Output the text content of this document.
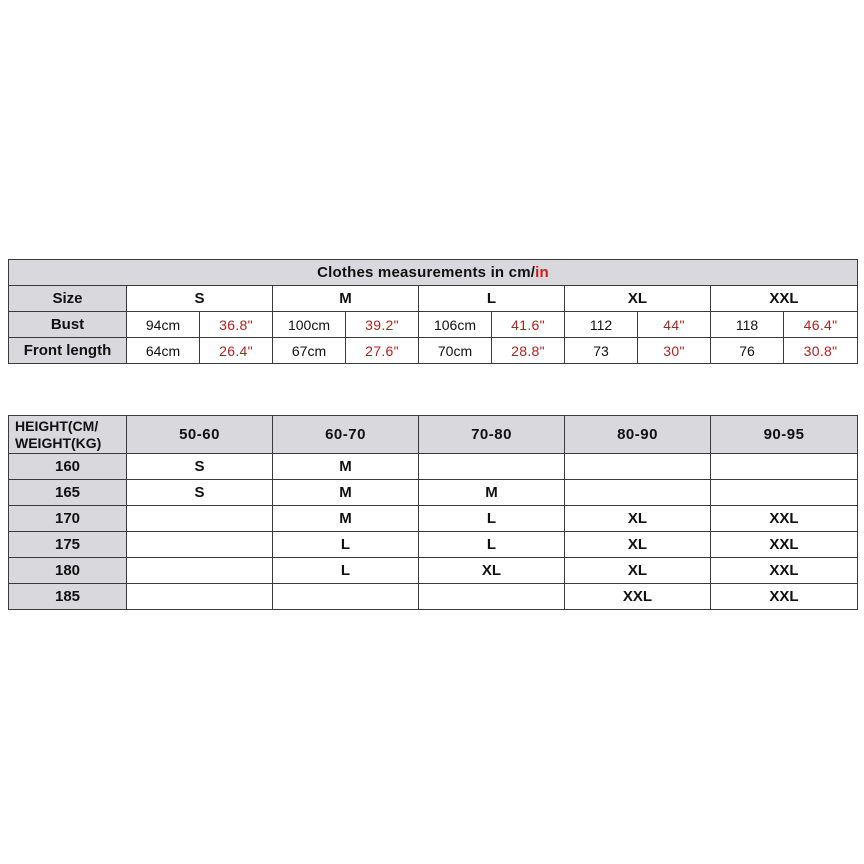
Clothes measurements in cm/in										
Size	S		M		L		XL		XXL	
Bust	94cm	36.8"	100cm	39.2"	106cm	41.6"	112	44"	118	46.4"
Front length	64cm	26.4"	67cm	27.6"	70cm	28.8"	73	30"	76	30.8"
HEIGHT(CM/
WEIGHT(KG)	50-60	60-70	70-80	80-90	90-95
160	S	M			
165	S	M	M		
170		M	L	XL	XXL
175		L	L	XL	XXL
180		L	XL	XL	XXL
185				XXL	XXL
